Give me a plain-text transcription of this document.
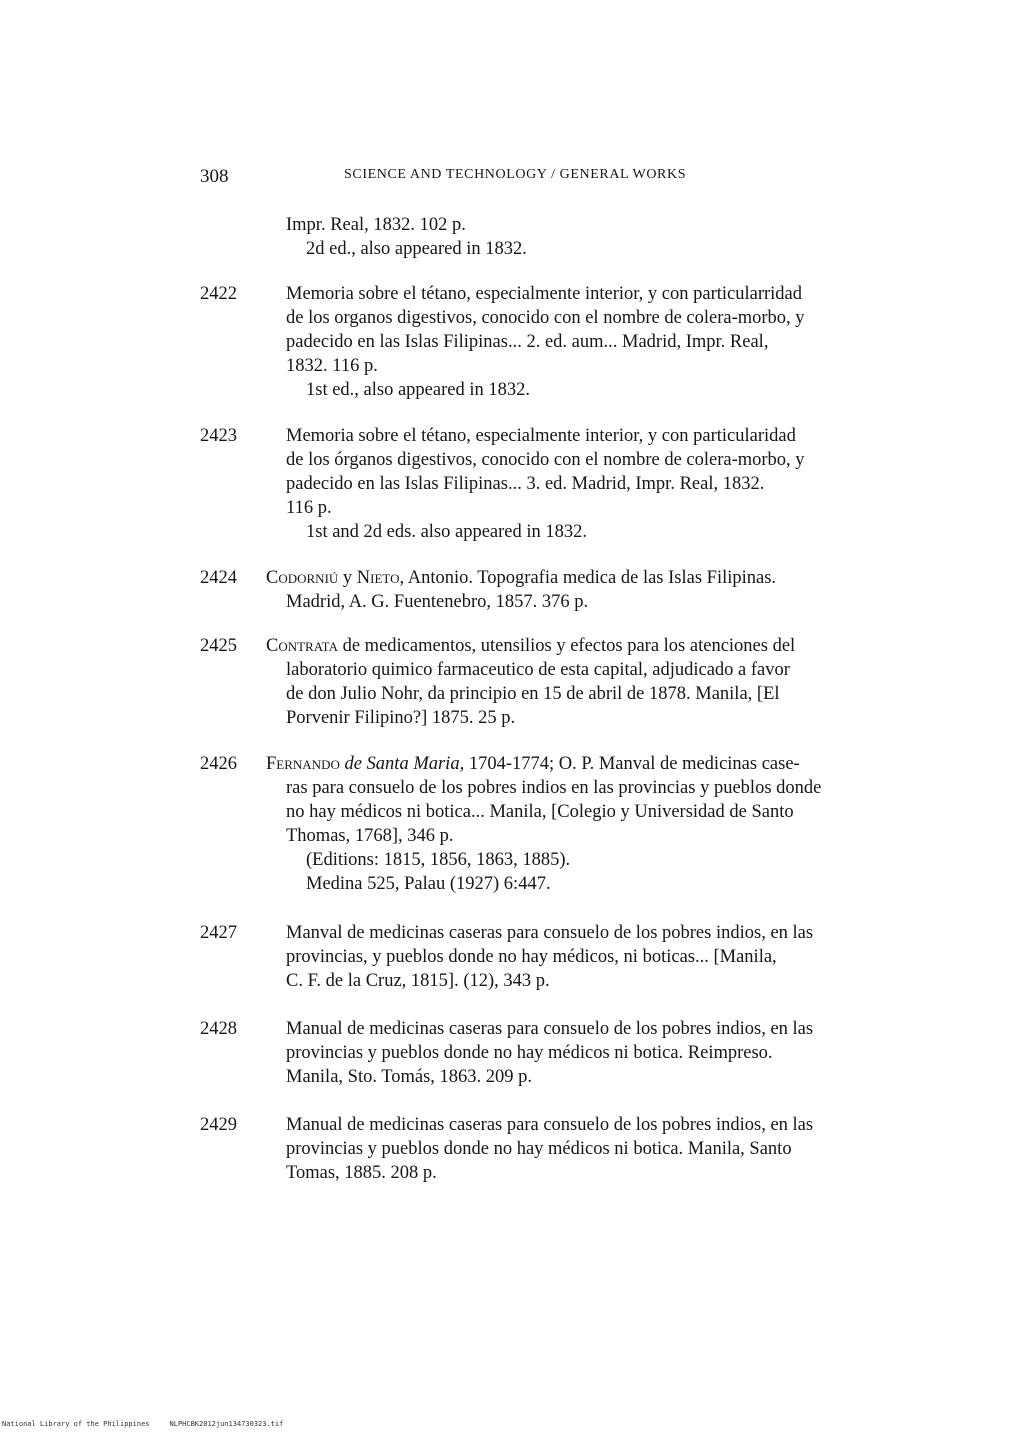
308	SCIENCE AND TECHNOLOGY / GENERAL WORKS
Impr. Real, 1832. 102 p.
2d ed., also appeared in 1832.
2422	Memoria sobre el tétano, especialmente interior, y con particularridad
de los organos digestivos, conocido con el nombre de colera-morbo, y
padecido en las Islas Filipinas... 2. ed. aum... Madrid, Impr. Real,
1832. 116 p.
1st ed., also appeared in 1832.
2423	Memoria sobre el tétano, especialmente interior, y con particularidad
de los órganos digestivos, conocido con el nombre de colera-morbo, y
padecido en las Islas Filipinas... 3. ed. Madrid, Impr. Real, 1832.
116 p.
1st and 2d eds. also appeared in 1832.
2424 Codorniú y Nieto, Antonio. Topografia medica de las Islas Filipinas.
Madrid, A. G. Fuentenebro, 1857. 376 p.
2425 Contrata de medicamentos, utensilios y efectos para los atenciones del
laboratorio quimico farmaceutico de esta capital, adjudicado a favor
de don Julio Nohr, da principio en 15 de abril de 1878. Manila, [El
Porvenir Filipino?] 1875. 25 p.
2426 Fernando de Santa Maria, 1704-1774; O. P. Manval de medicinas case-
ras para consuelo de los pobres indios en las provincias y pueblos donde
no hay médicos ni botica... Manila, [Colegio y Universidad de Santo
Thomas, 1768], 346 p.
(Editions: 1815, 1856, 1863, 1885).
Medina 525, Palau (1927) 6:447.
2427	Manval de medicinas caseras para consuelo de los pobres indios, en las
provincias, y pueblos donde no hay médicos, ni boticas... [Manila,
C. F. de la Cruz, 1815]. (12), 343 p.
2428	Manual de medicinas caseras para consuelo de los pobres indios, en las
provincias y pueblos donde no hay médicos ni botica. Reimpreso.
Manila, Sto. Tomás, 1863. 209 p.
2429	Manual de medicinas caseras para consuelo de los pobres indios, en las
provincias y pueblos donde no hay médicos ni botica. Manila, Santo
Tomas, 1885. 208 p.
National Library of the Philippines	NLPHCBK2012jun134730323.tif
